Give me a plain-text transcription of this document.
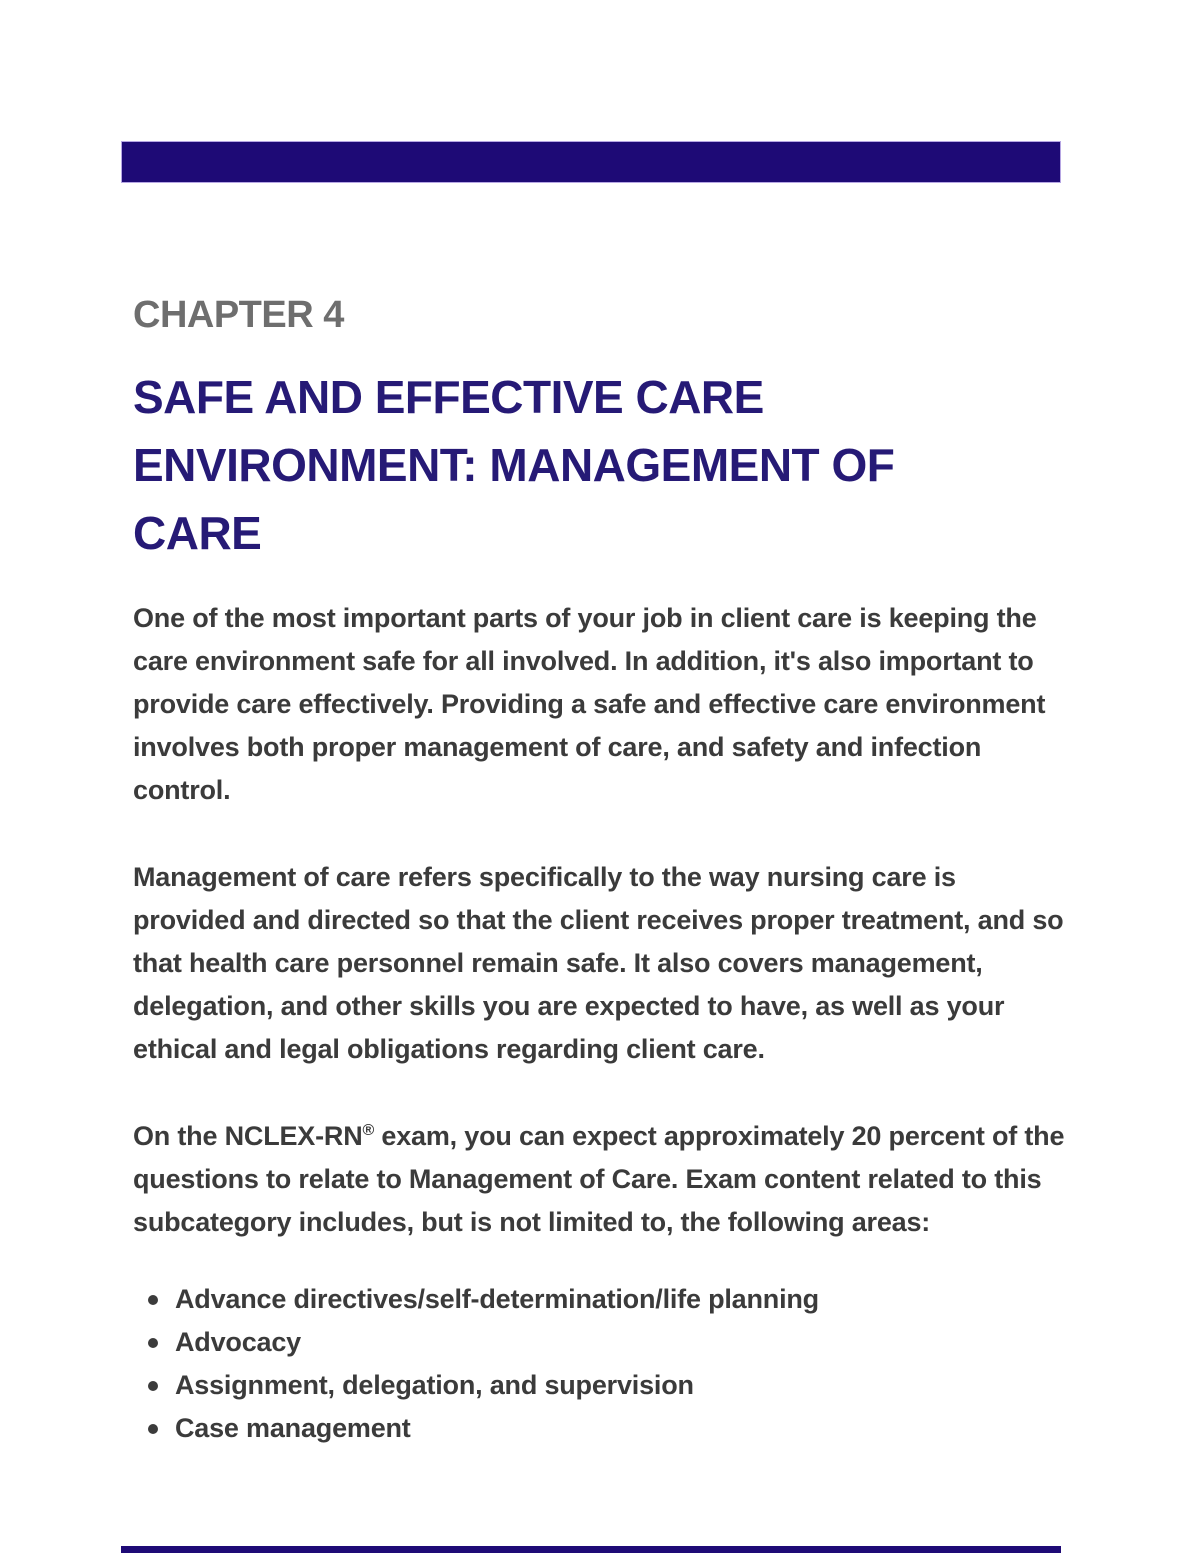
CHAPTER 4
SAFE AND EFFECTIVE CARE
ENVIRONMENT: MANAGEMENT OF
CARE

One of the most important parts of your job in client care is keeping the care environment safe for all involved. In addition, it's also important to provide care effectively. Providing a safe and effective care environment involves both proper management of care, and safety and infection control.

Management of care refers specifically to the way nursing care is provided and directed so that the client receives proper treatment, and so that health care personnel remain safe. It also covers management, delegation, and other skills you are expected to have, as well as your ethical and legal obligations regarding client care.

On the NCLEX-RN® exam, you can expect approximately 20 percent of the questions to relate to Management of Care. Exam content related to this subcategory includes, but is not limited to, the following areas:

Advance directives/self-determination/life planning
Advocacy
Assignment, delegation, and supervision
Case management
